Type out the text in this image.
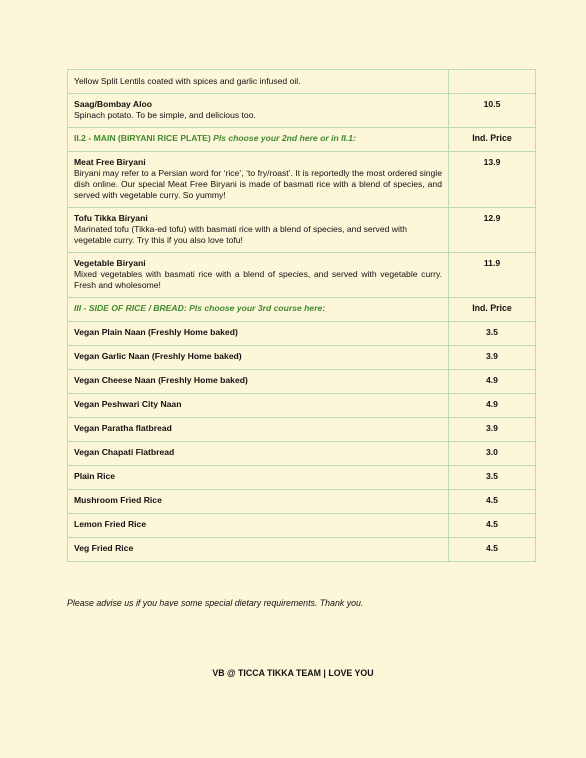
Yellow Split Lentils coated with spices and garlic infused oil.	

Saag/Bombay Aloo
Spinach potato. To be simple, and delicious too.	10.5
II.2 - MAIN (BIRYANI RICE PLATE) Pls choose your 2nd here or in II.1:	Ind. Price

Meat Free Biryani
Biryani may refer to a Persian word for ‘rice’, ‘to fry/roast’. It is reportedly the most ordered single dish online. Our special Meat Free Biryani is made of basmati rice with a blend of species, and served with vegetable curry. So yummy!	13.9

Tofu Tikka Biryani
Marinated tofu (Tikka-ed tofu) with basmati rice with a blend of species, and served with vegetable curry. Try this if you also love tofu!	12.9

Vegetable Biryani
Mixed vegetables with basmati rice with a blend of species, and served with vegetable curry. Fresh and wholesome!	11.9
III - SIDE OF RICE / BREAD: Pls choose your 3rd course here:	Ind. Price

Vegan Plain Naan (Freshly Home baked)	3.5

Vegan Garlic Naan (Freshly Home baked)	3.9

Vegan Cheese Naan (Freshly Home baked)	4.9

Vegan Peshwari City Naan	4.9

Vegan Paratha flatbread	3.9

Vegan Chapati Flatbread	3.0

Plain Rice	3.5

Mushroom Fried Rice	4.5

Lemon Fried Rice	4.5

Veg Fried Rice	4.5
Please advise us if you have some special dietary requirements. Thank you.
VB @ TICCA TIKKA TEAM | LOVE YOU
